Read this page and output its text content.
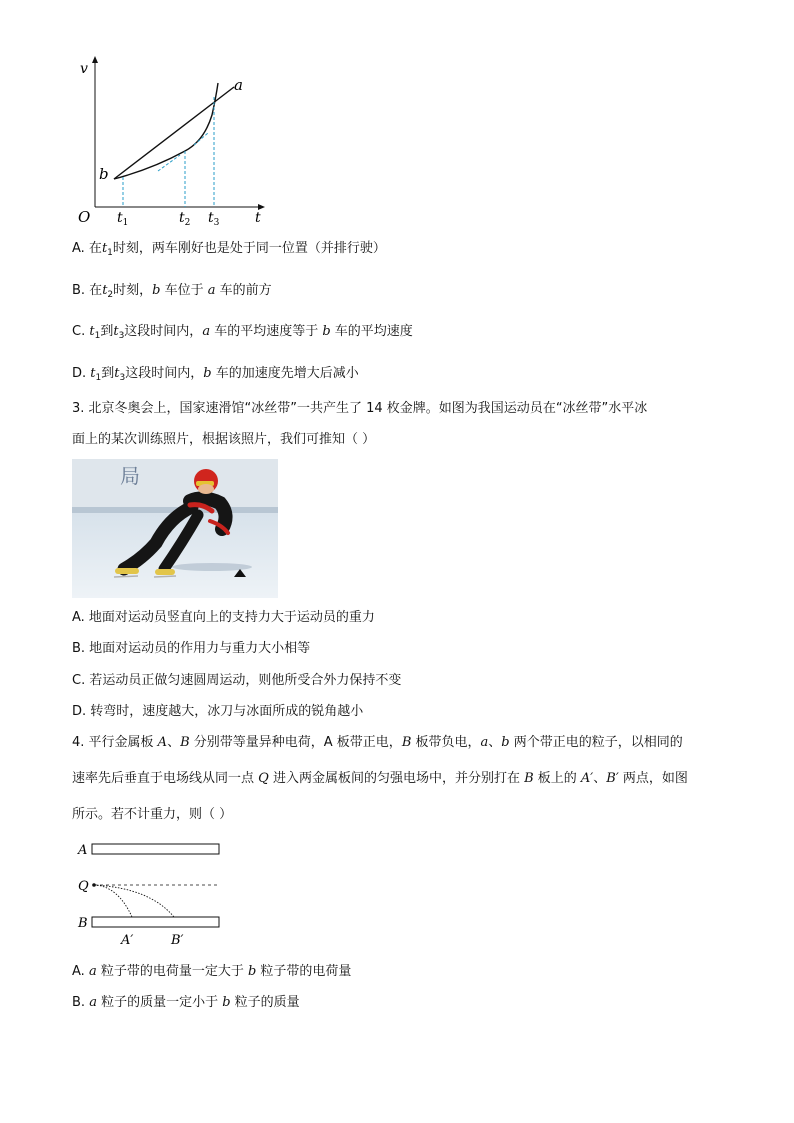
v
t
O
a
b
$t_1$	$t_2$ $t_3$
A. 在$t_1$时刻，两车刚好也是处于同一位置（并排行驶）
B. 在$t_2$时刻，b 车位于 a 车的前方
C. $t_1$到$t_3$这段时间内，a 车的平均速度等于 b 车的平均速度
D. $t_1$到$t_3$这段时间内，b 车的加速度先增大后减小
3. 北京冬奥会上，国家速滑馆“冰丝带”一共产生了 14 枚金牌。如图为我国运动员在“冰丝带”水平冰
面上的某次训练照片，根据该照片，我们可推知（ ）
局
A. 地面对运动员竖直向上的支持力大于运动员的重力
B. 地面对运动员的作用力与重力大小相等
C. 若运动员正做匀速圆周运动，则他所受合外力保持不变
D. 转弯时，速度越大，冰刀与冰面所成的锐角越小
4. 平行金属板 A、B 分别带等量异种电荷，A 板带正电，B 板带负电，a、b 两个带正电的粒子，以相同的
速率先后垂直于电场线从同一点 Q 进入两金属板间的匀强电场中，并分别打在 B 板上的 A′、B′ 两点，如图
所示。若不计重力，则（ ）
A
Q
B
A′	B′
A. a 粒子带的电荷量一定大于 b 粒子带的电荷量
B. a 粒子的质量一定小于 b 粒子的质量
